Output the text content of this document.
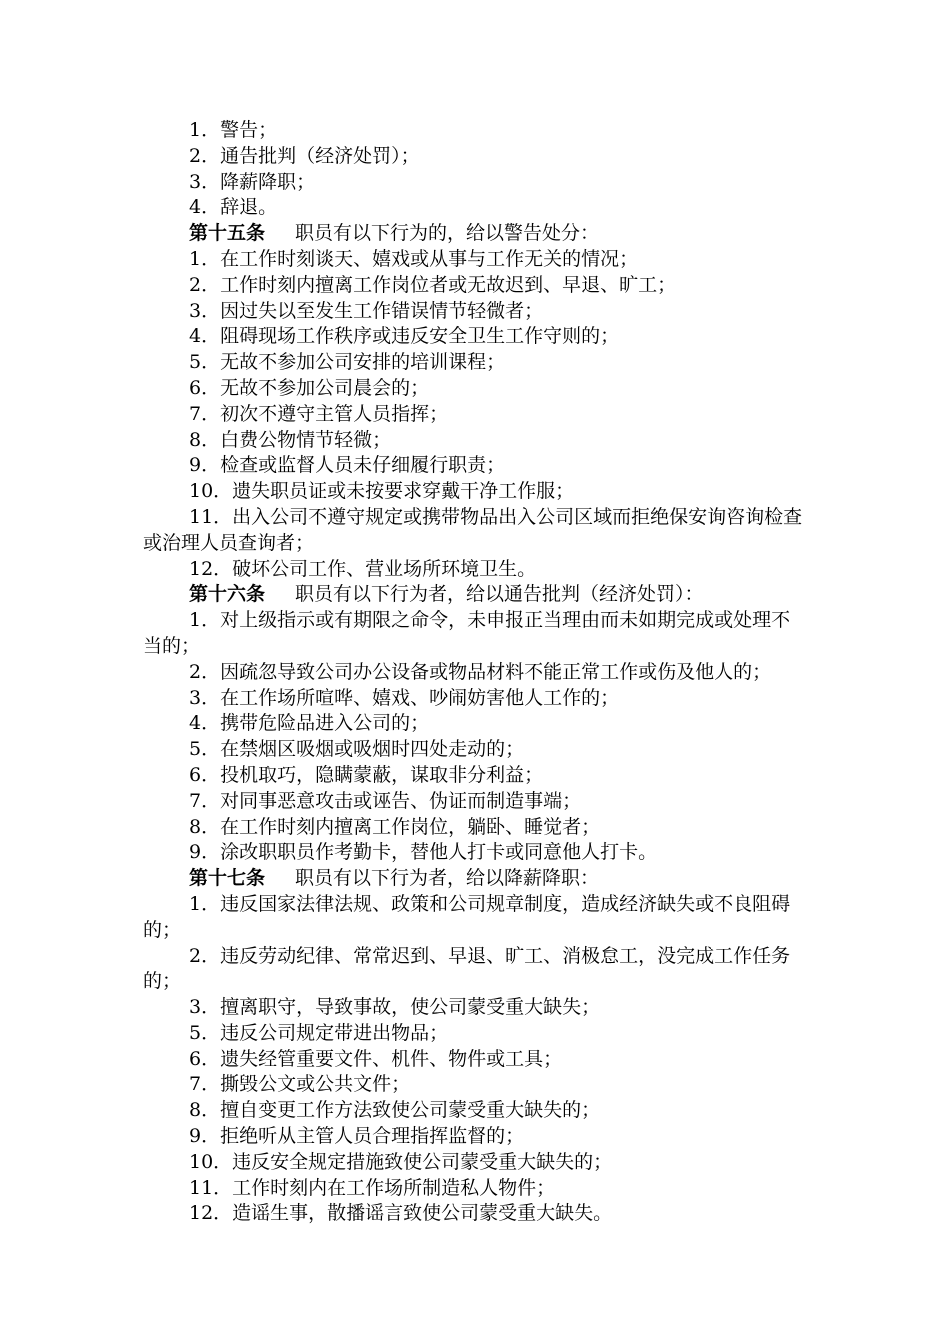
1．警告；

2．通告批判（经济处罚）；

3．降薪降职；

4．辞退。

第十五条 职员有以下行为的，给以警告处分：

1．在工作时刻谈天、嬉戏或从事与工作无关的情况；

2．工作时刻内擅离工作岗位者或无故迟到、早退、旷工；

3．因过失以至发生工作错误情节轻微者；

4．阻碍现场工作秩序或违反安全卫生工作守则的；

5．无故不参加公司安排的培训课程；

6．无故不参加公司晨会的；

7．初次不遵守主管人员指挥；

8．白费公物情节轻微；

9．检查或监督人员未仔细履行职责；

10．遗失职员证或未按要求穿戴干净工作服；

11．出入公司不遵守规定或携带物品出入公司区域而拒绝保安询咨询检查或治理人员查询者；

12．破坏公司工作、营业场所环境卫生。

第十六条 职员有以下行为者，给以通告批判（经济处罚）：

1．对上级指示或有期限之命令，未申报正当理由而未如期完成或处理不当的；

2．因疏忽导致公司办公设备或物品材料不能正常工作或伤及他人的；

3．在工作场所喧哗、嬉戏、吵闹妨害他人工作的；

4．携带危险品进入公司的；

5．在禁烟区吸烟或吸烟时四处走动的；

6．投机取巧，隐瞒蒙蔽，谋取非分利益；

7．对同事恶意攻击或诬告、伪证而制造事端；

8．在工作时刻内擅离工作岗位，躺卧、睡觉者；

9．涂改职职员作考勤卡，替他人打卡或同意他人打卡。

第十七条 职员有以下行为者，给以降薪降职：

1．违反国家法律法规、政策和公司规章制度，造成经济缺失或不良阻碍的；

2．违反劳动纪律、常常迟到、早退、旷工、消极怠工，没完成工作任务的；

3．擅离职守，导致事故，使公司蒙受重大缺失；

5．违反公司规定带进出物品；

6．遗失经管重要文件、机件、物件或工具；

7．撕毁公文或公共文件；

8．擅自变更工作方法致使公司蒙受重大缺失的；

9．拒绝听从主管人员合理指挥监督的；

10．违反安全规定措施致使公司蒙受重大缺失的；

11．工作时刻内在工作场所制造私人物件；

12．造谣生事，散播谣言致使公司蒙受重大缺失。
